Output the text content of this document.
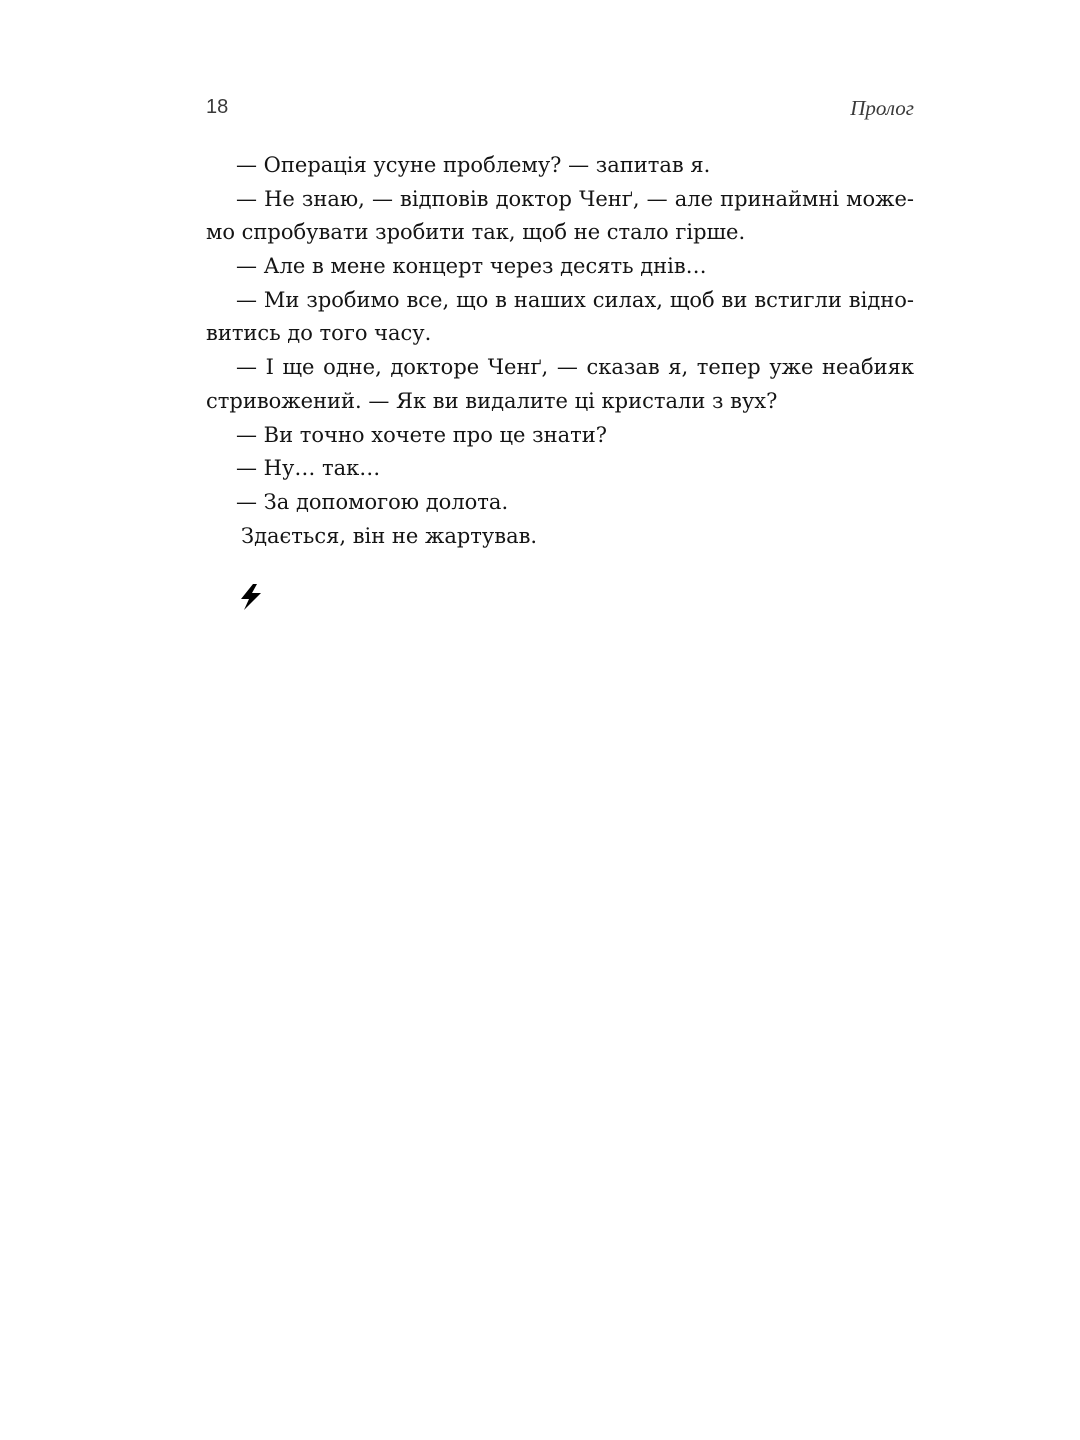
18	Пролог
— Операція усуне проблему? — запитав я.
— Не знаю, — відповів доктор Ченґ, — але принаймні може-
мо спробувати зробити так, щоб не стало гірше.
— Але в мене концерт через десять днів…
— Ми зробимо все, що в наших силах, щоб ви встигли відно-
витись до того часу.
— І ще одне, докторе Ченґ, — сказав я, тепер уже неабияк
стривожений. — Як ви видалите ці кристали з вух?
— Ви точно хочете про це знати?
— Ну… так…
— За допомогою долота.
Здається, він не жартував.
